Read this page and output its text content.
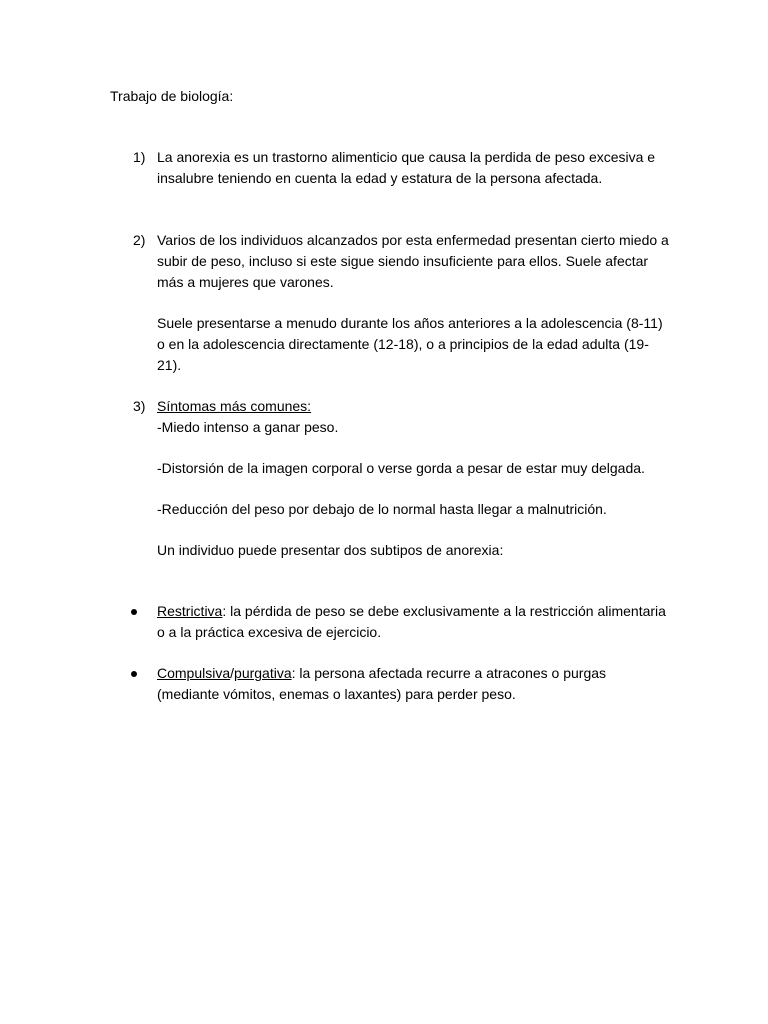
Trabajo de biología:
1) La anorexia es un trastorno alimenticio que causa la perdida de peso excesiva e insalubre teniendo en cuenta la edad y estatura de la persona afectada.

2) Varios de los individuos alcanzados por esta enfermedad presentan cierto miedo a subir de peso, incluso si este sigue siendo insuficiente para ellos. Suele afectar más a mujeres que varones.

Suele presentarse a menudo durante los años anteriores a la adolescencia (8-11) o en la adolescencia directamente (12-18), o a principios de la edad adulta (19-21).

3) Síntomas más comunes:
-Miedo intenso a ganar peso.

-Distorsión de la imagen corporal o verse gorda a pesar de estar muy delgada.

-Reducción del peso por debajo de lo normal hasta llegar a malnutrición.

Un individuo puede presentar dos subtipos de anorexia:

Restrictiva: la pérdida de peso se debe exclusivamente a la restricción alimentaria o a la práctica excesiva de ejercicio.

Compulsiva/purgativa: la persona afectada recurre a atracones o purgas (mediante vómitos, enemas o laxantes) para perder peso.
